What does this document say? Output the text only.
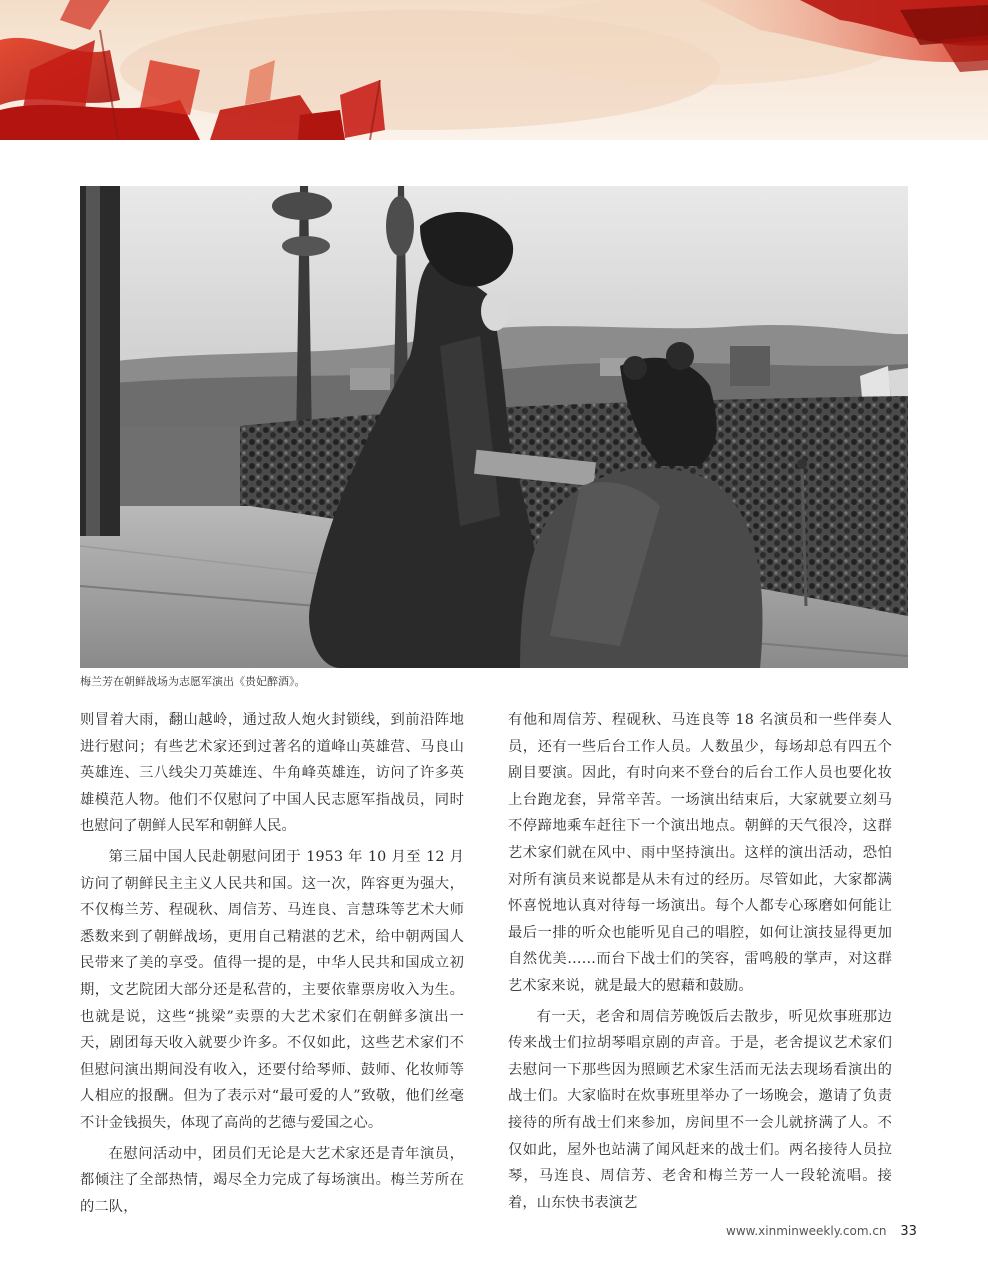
梅兰芳在朝鲜战场为志愿军演出《贵妃醉酒》。

则冒着大雨，翻山越岭，通过敌人炮火封锁线，到前沿阵地进行慰问；有些艺术家还到过著名的道峰山英雄营、马良山英雄连、三八线尖刀英雄连、牛角峰英雄连，访问了许多英雄模范人物。他们不仅慰问了中国人民志愿军指战员，同时也慰问了朝鲜人民军和朝鲜人民。

第三届中国人民赴朝慰问团于 1953 年 10 月至 12 月访问了朝鲜民主主义人民共和国。这一次，阵容更为强大，不仅梅兰芳、程砚秋、周信芳、马连良、言慧珠等艺术大师悉数来到了朝鲜战场，更用自己精湛的艺术，给中朝两国人民带来了美的享受。值得一提的是，中华人民共和国成立初期，文艺院团大部分还是私营的，主要依靠票房收入为生。也就是说，这些“挑梁”卖票的大艺术家们在朝鲜多演出一天，剧团每天收入就要少许多。不仅如此，这些艺术家们不但慰问演出期间没有收入，还要付给琴师、鼓师、化妆师等人相应的报酬。但为了表示对“最可爱的人”致敬，他们丝毫不计金钱损失，体现了高尚的艺德与爱国之心。

在慰问活动中，团员们无论是大艺术家还是青年演员，都倾注了全部热情，竭尽全力完成了每场演出。梅兰芳所在的二队，

有他和周信芳、程砚秋、马连良等 18 名演员和一些伴奏人员，还有一些后台工作人员。人数虽少，每场却总有四五个剧目要演。因此，有时向来不登台的后台工作人员也要化妆上台跑龙套，异常辛苦。一场演出结束后，大家就要立刻马不停蹄地乘车赶往下一个演出地点。朝鲜的天气很冷，这群艺术家们就在风中、雨中坚持演出。这样的演出活动，恐怕对所有演员来说都是从未有过的经历。尽管如此，大家都满怀喜悦地认真对待每一场演出。每个人都专心琢磨如何能让最后一排的听众也能听见自己的唱腔，如何让演技显得更加自然优美……而台下战士们的笑容，雷鸣般的掌声，对这群艺术家来说，就是最大的慰藉和鼓励。

有一天，老舍和周信芳晚饭后去散步，听见炊事班那边传来战士们拉胡琴唱京剧的声音。于是，老舍提议艺术家们去慰问一下那些因为照顾艺术家生活而无法去现场看演出的战士们。大家临时在炊事班里举办了一场晚会，邀请了负责接待的所有战士们来参加，房间里不一会儿就挤满了人。不仅如此，屋外也站满了闻风赶来的战士们。两名接待人员拉琴，马连良、周信芳、老舍和梅兰芳一人一段轮流唱。接着，山东快书表演艺

www.xinminweekly.com.cn 33
